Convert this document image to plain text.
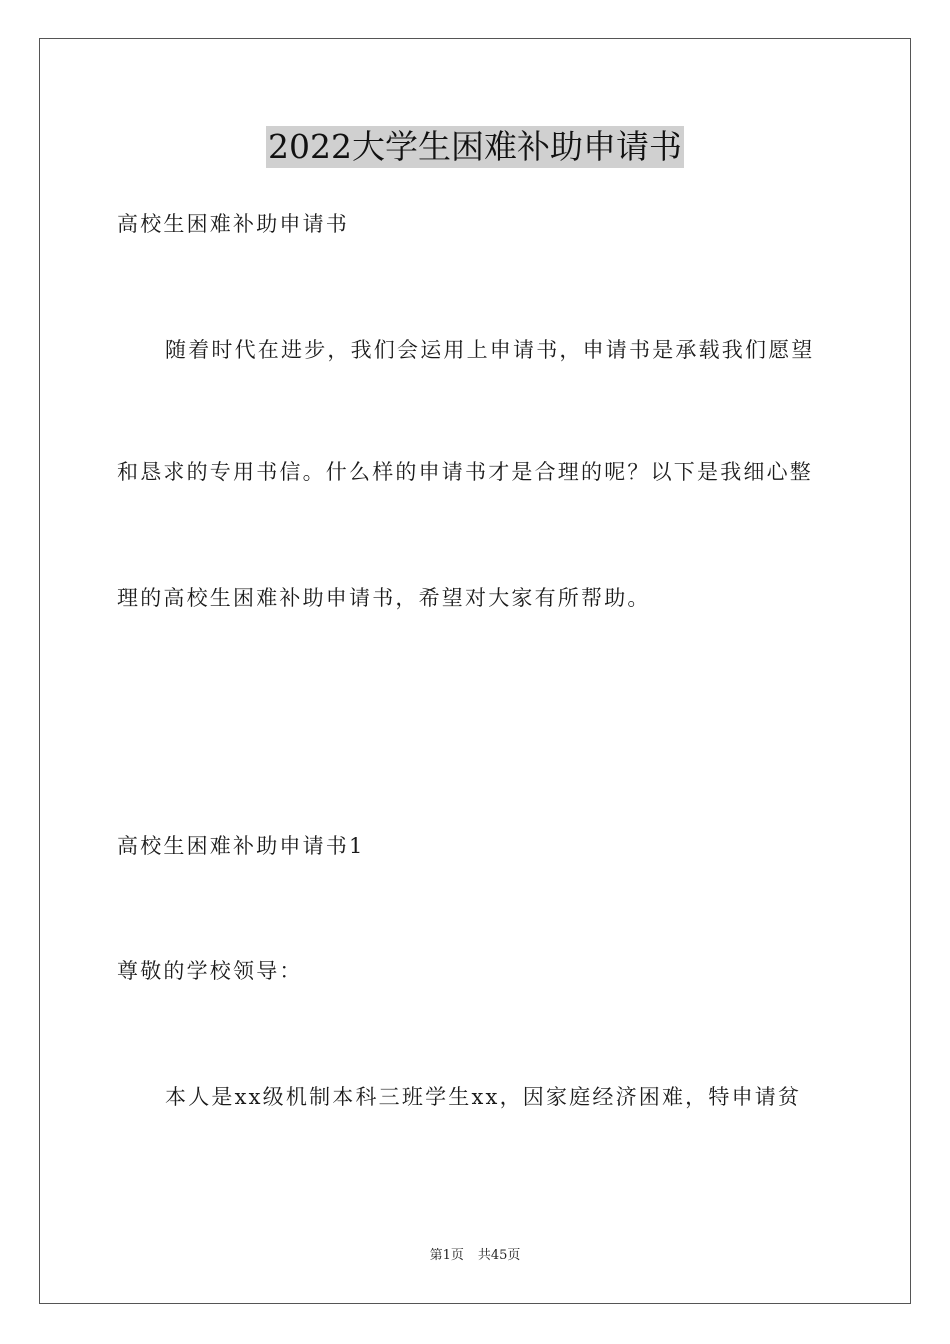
2022大学生困难补助申请书
高校生困难补助申请书
随着时代在进步，我们会运用上申请书，申请书是承载我们愿望
和恳求的专用书信。什么样的申请书才是合理的呢？以下是我细心整
理的高校生困难补助申请书，希望对大家有所帮助。
高校生困难补助申请书1
尊敬的学校领导：
本人是xx级机制本科三班学生xx，因家庭经济困难，特申请贫
第1页 共45页
